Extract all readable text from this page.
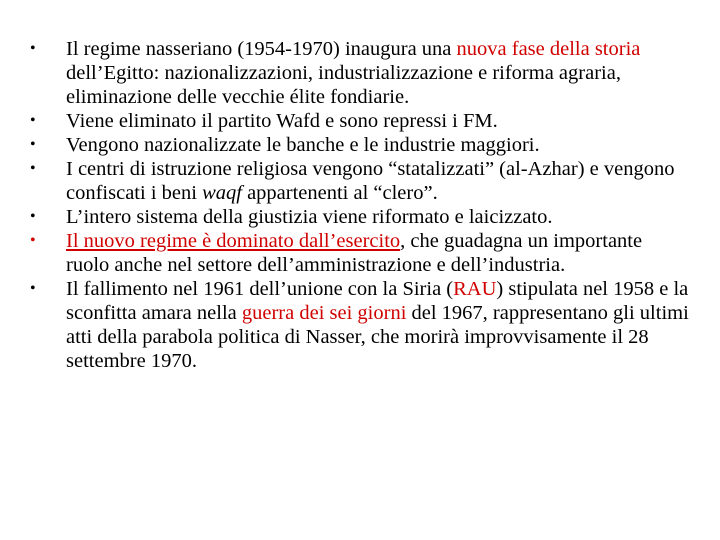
• Il regime nasseriano (1954-1970) inaugura una nuova fase della storia dell’Egitto: nazionalizzazioni, industrializzazione e riforma agraria, eliminazione delle vecchie élite fondiarie.
• Viene eliminato il partito Wafd e sono repressi i FM.
• Vengono nazionalizzate le banche e le industrie maggiori.
• I centri di istruzione religiosa vengono “statalizzati” (al-Azhar) e vengono confiscati i beni waqf appartenenti al “clero”.
• L’intero sistema della giustizia viene riformato e laicizzato.
• Il nuovo regime è dominato dall’esercito, che guadagna un importante ruolo anche nel settore dell’amministrazione e dell’industria.
• Il fallimento nel 1961 dell’unione con la Siria (RAU) stipulata nel 1958 e la sconfitta amara nella guerra dei sei giorni del 1967, rappresentano gli ultimi atti della parabola politica di Nasser, che morirà improvvisamente il 28 settembre 1970.
